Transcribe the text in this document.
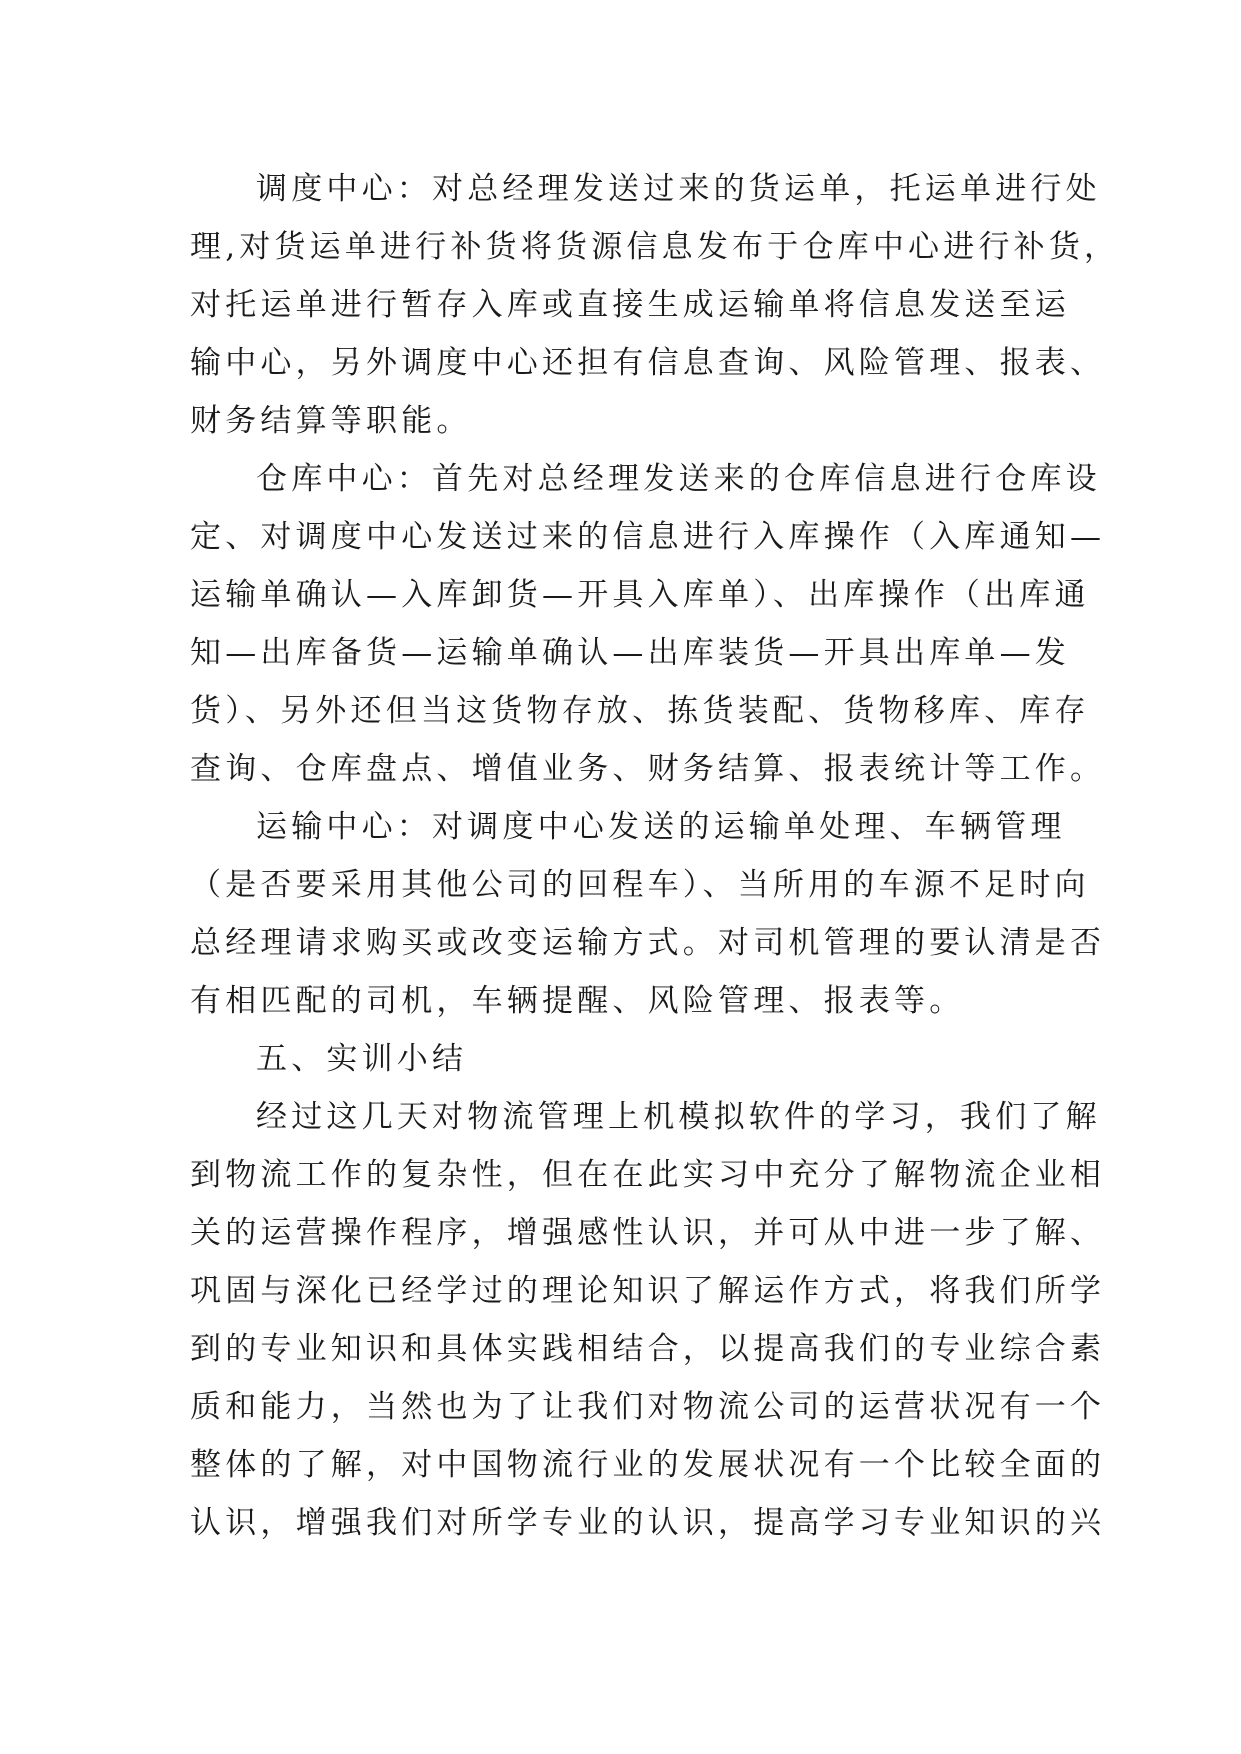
调度中心：对总经理发送过来的货运单，托运单进行处
理,对货运单进行补货将货源信息发布于仓库中心进行补货，
对托运单进行暂存入库或直接生成运输单将信息发送至运
输中心，另外调度中心还担有信息查询、风险管理、报表、
财务结算等职能。
仓库中心：首先对总经理发送来的仓库信息进行仓库设
定、对调度中心发送过来的信息进行入库操作（入库通知—
运输单确认—入库卸货—开具入库单）、出库操作（出库通
知—出库备货—运输单确认—出库装货—开具出库单—发
货）、另外还但当这货物存放、拣货装配、货物移库、库存
查询、仓库盘点、增值业务、财务结算、报表统计等工作。
运输中心：对调度中心发送的运输单处理、车辆管理
（是否要采用其他公司的回程车）、当所用的车源不足时向
总经理请求购买或改变运输方式。对司机管理的要认清是否
有相匹配的司机，车辆提醒、风险管理、报表等。
五、实训小结
经过这几天对物流管理上机模拟软件的学习，我们了解
到物流工作的复杂性，但在在此实习中充分了解物流企业相
关的运营操作程序，增强感性认识，并可从中进一步了解、
巩固与深化已经学过的理论知识了解运作方式，将我们所学
到的专业知识和具体实践相结合，以提高我们的专业综合素
质和能力，当然也为了让我们对物流公司的运营状况有一个
整体的了解，对中国物流行业的发展状况有一个比较全面的
认识，增强我们对所学专业的认识，提高学习专业知识的兴
